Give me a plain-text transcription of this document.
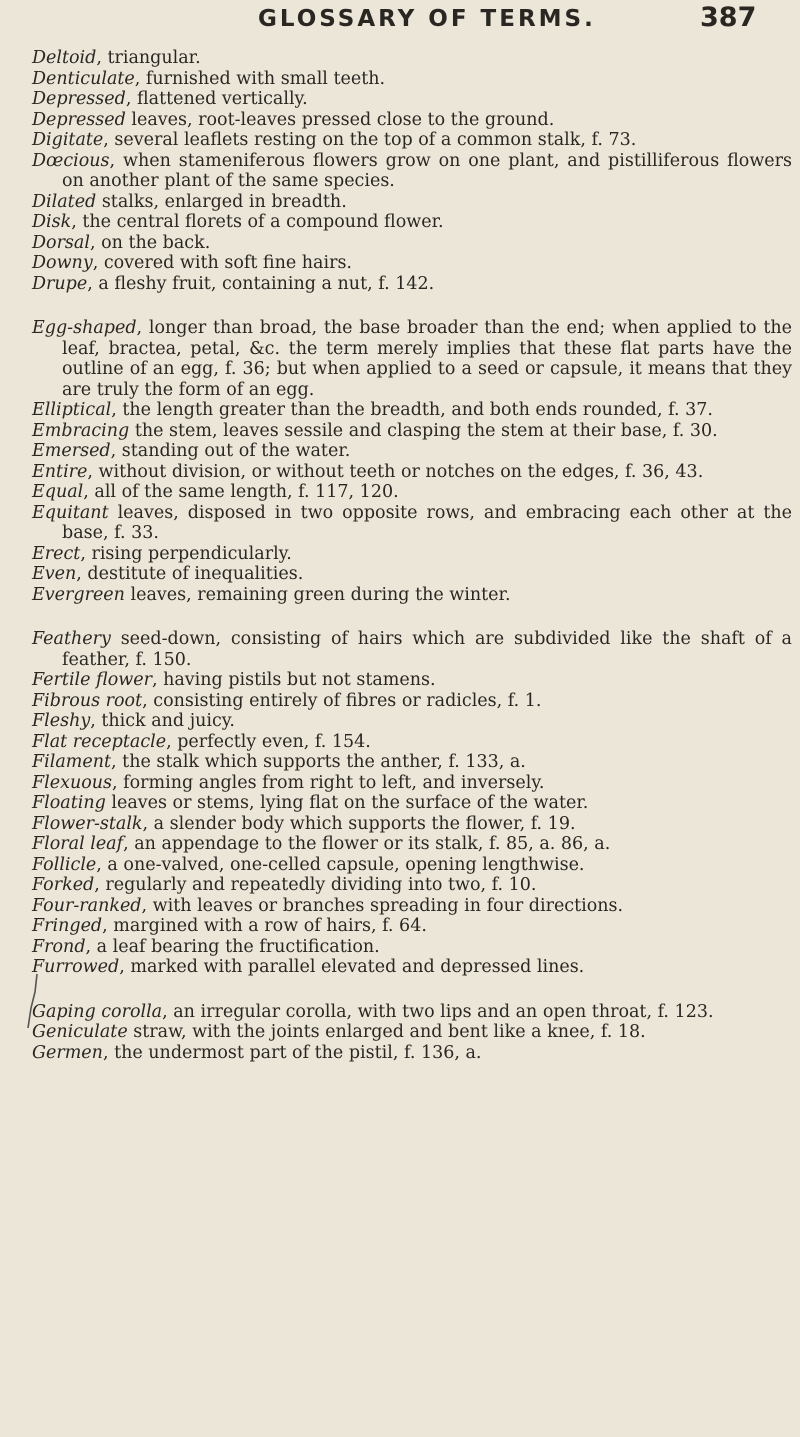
GLOSSARY OF TERMS.	387

Deltoid, triangular.

Denticulate, furnished with small teeth.

Depressed, flattened vertically.

Depressed leaves, root-leaves pressed close to the ground.

Digitate, several leaflets resting on the top of a common stalk, f. 73.

Dœcious, when stameniferous flowers grow on one plant, and pistilliferous flowers on another plant of the same species.

Dilated stalks, enlarged in breadth.

Disk, the central florets of a compound flower.

Dorsal, on the back.

Downy, covered with soft fine hairs.

Drupe, a fleshy fruit, containing a nut, f. 142.

Egg-shaped, longer than broad, the base broader than the end; when applied to the leaf, bractea, petal, &c. the term merely implies that these flat parts have the outline of an egg, f. 36; but when applied to a seed or capsule, it means that they are truly the form of an egg.

Elliptical, the length greater than the breadth, and both ends rounded, f. 37.

Embracing the stem, leaves sessile and clasping the stem at their base, f. 30.

Emersed, standing out of the water.

Entire, without division, or without teeth or notches on the edges, f. 36, 43.

Equal, all of the same length, f. 117, 120.

Equitant leaves, disposed in two opposite rows, and embracing each other at the base, f. 33.

Erect, rising perpendicularly.

Even, destitute of inequalities.

Evergreen leaves, remaining green during the winter.

Feathery seed-down, consisting of hairs which are subdivided like the shaft of a feather, f. 150.

Fertile flower, having pistils but not stamens.

Fibrous root, consisting entirely of fibres or radicles, f. 1.

Fleshy, thick and juicy.

Flat receptacle, perfectly even, f. 154.

Filament, the stalk which supports the anther, f. 133, a.

Flexuous, forming angles from right to left, and inversely.

Floating leaves or stems, lying flat on the surface of the water.

Flower-stalk, a slender body which supports the flower, f. 19.

Floral leaf, an appendage to the flower or its stalk, f. 85, a. 86, a.

Follicle, a one-valved, one-celled capsule, opening lengthwise.

Forked, regularly and repeatedly dividing into two, f. 10.

Four-ranked, with leaves or branches spreading in four directions.

Fringed, margined with a row of hairs, f. 64.

Frond, a leaf bearing the fructification.

Furrowed, marked with parallel elevated and depressed lines.

Gaping corolla, an irregular corolla, with two lips and an open throat, f. 123.

Geniculate straw, with the joints enlarged and bent like a knee, f. 18.

Germen, the undermost part of the pistil, f. 136, a.
